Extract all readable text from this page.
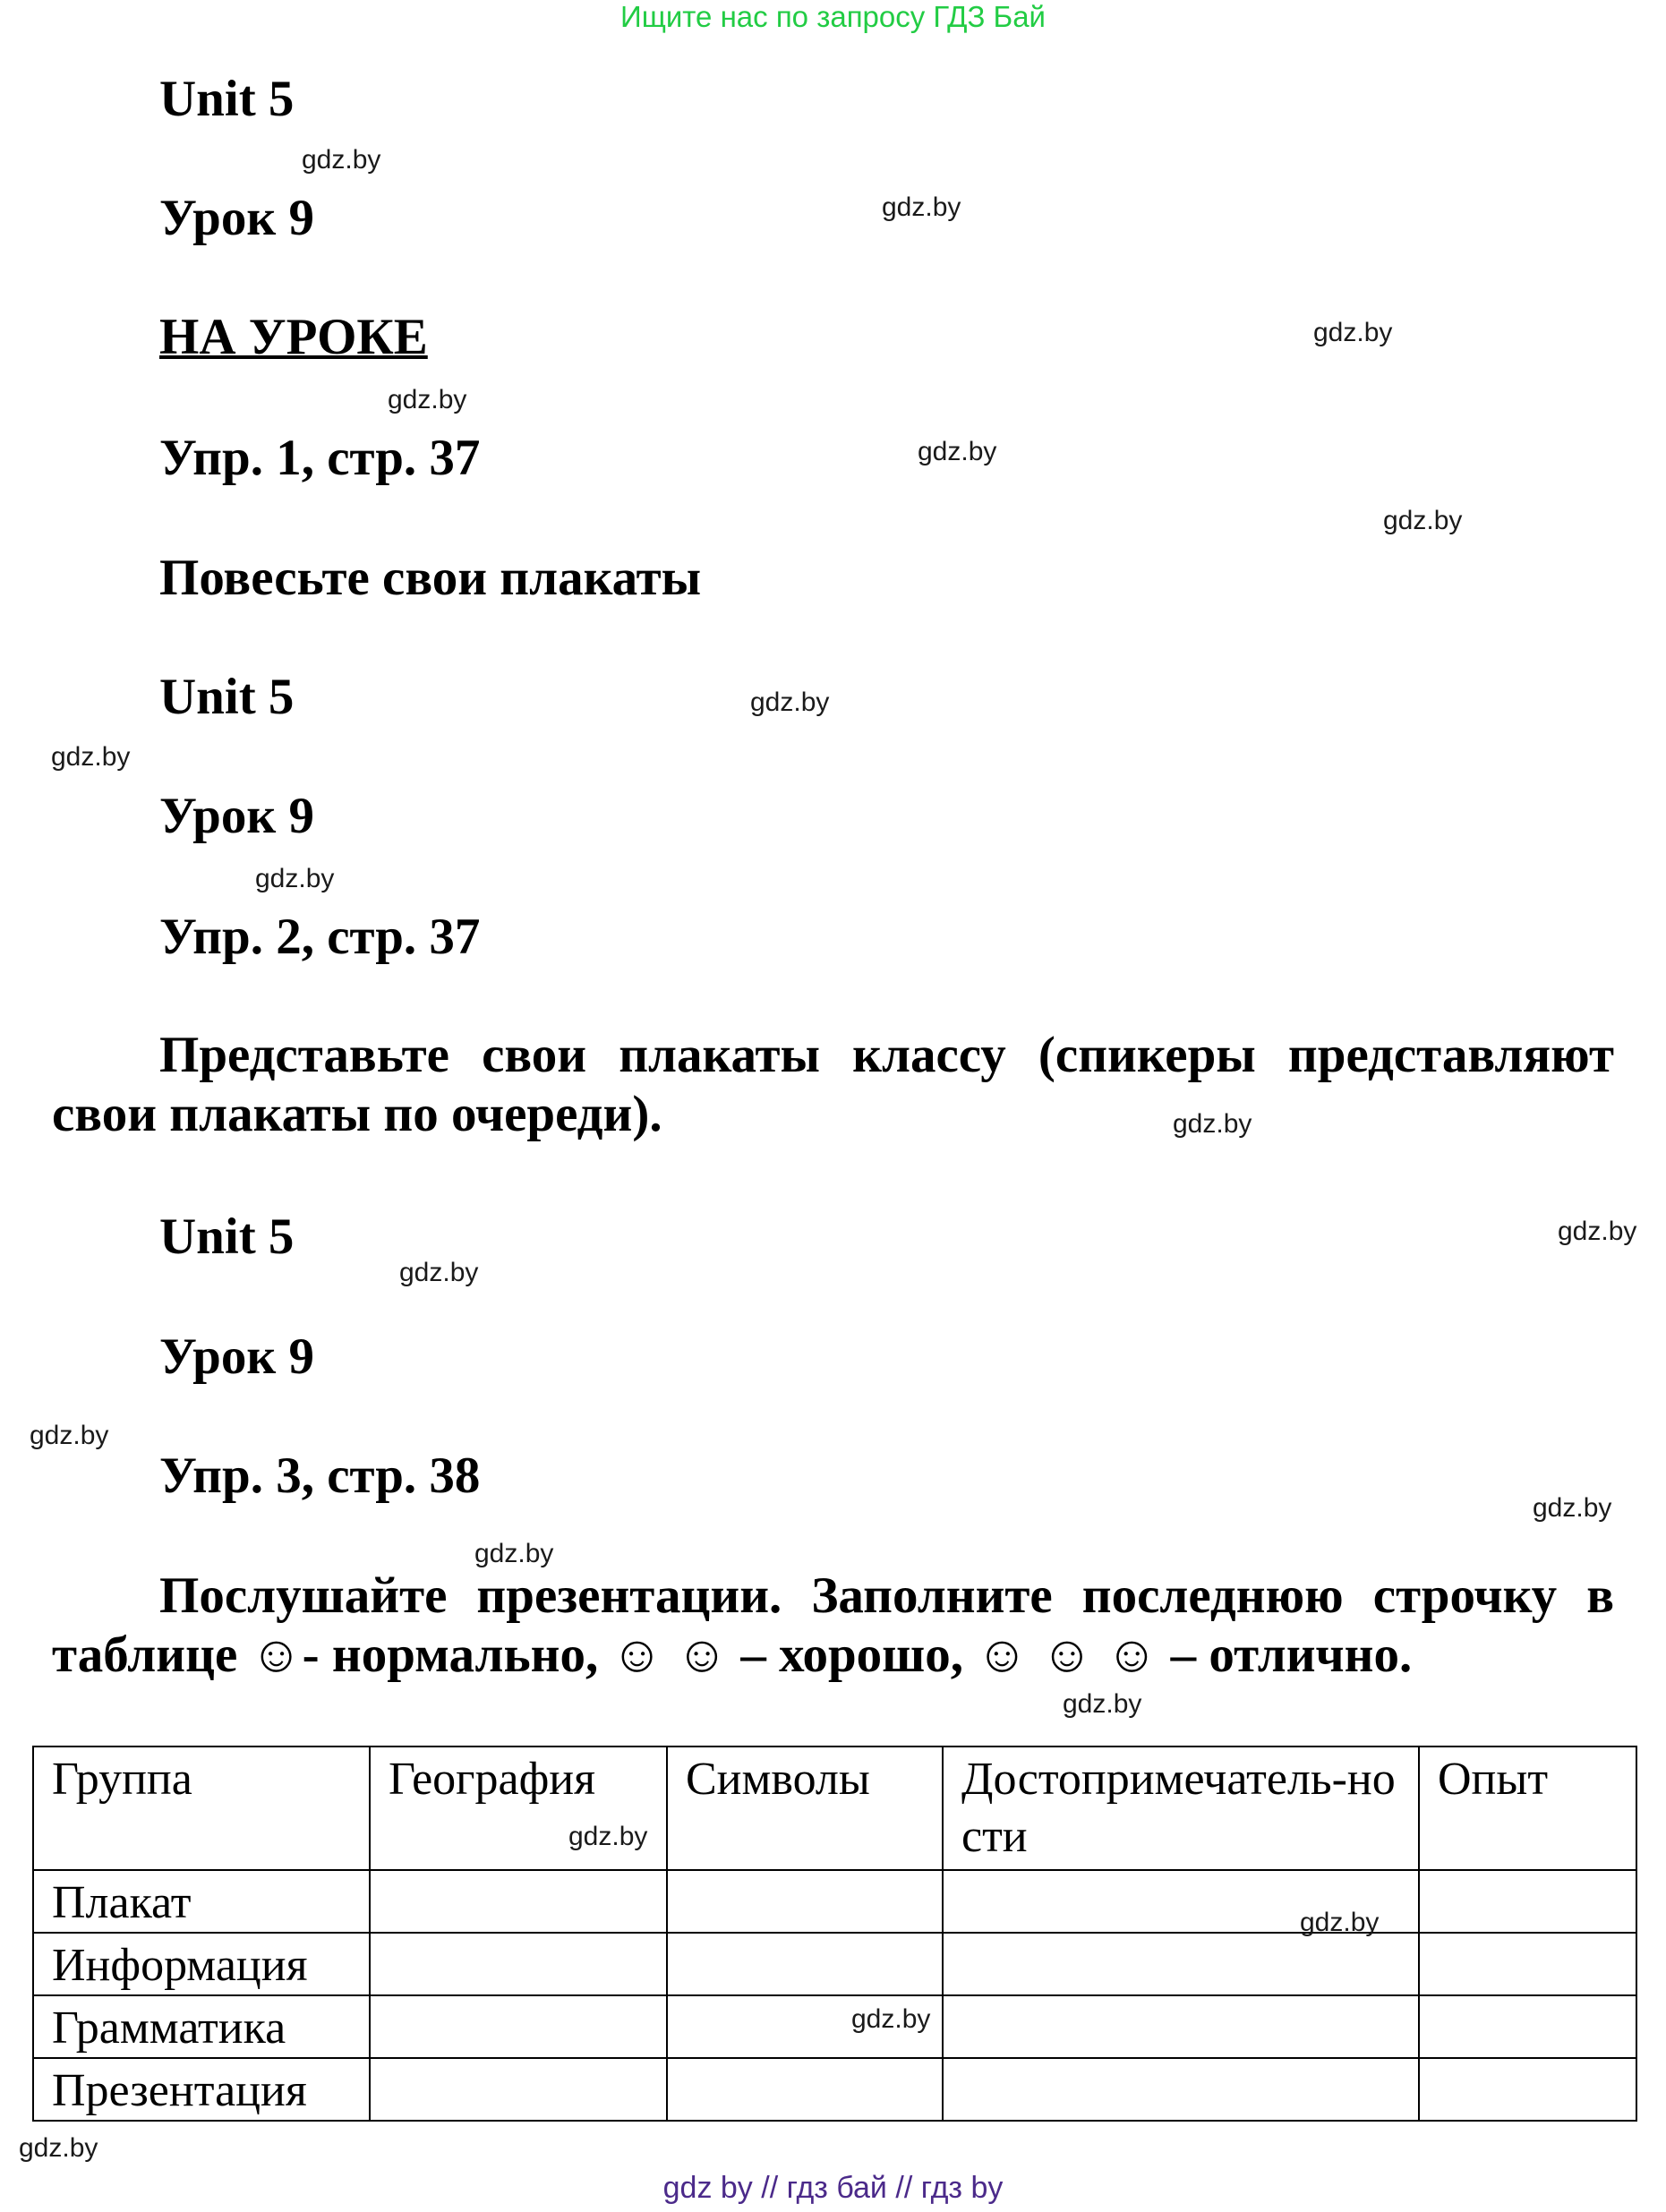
Ищите нас по запросу ГДЗ Бай
Unit 5
Урок 9
НА УРОКЕ
Упр. 1, стр. 37
Повесьте свои плакаты
Unit 5
Урок 9
Упр. 2, стр. 37
Представьте свои плакаты классу (спикеры представляют свои плакаты по очереди).
Unit 5
Урок 9
Упр. 3, стр. 38
Послушайте презентации. Заполните последнюю строчку в таблице ☺- нормально, ☺ ☺ – хорошо, ☺ ☺ ☺ – отлично.
Группа	География	Символы	Достопримечатель-ности	Опыт
Плакат				
Информация				
Грамматика				
Презентация				
gdz.by
gdz.by
gdz.by
gdz.by
gdz.by
gdz.by
gdz.by
gdz.by
gdz.by
gdz.by
gdz.by
gdz.by
gdz.by
gdz.by
gdz.by
gdz.by
gdz.by
gdz.by
gdz.by
gdz.by
gdz by // гдз бай // гдз by
